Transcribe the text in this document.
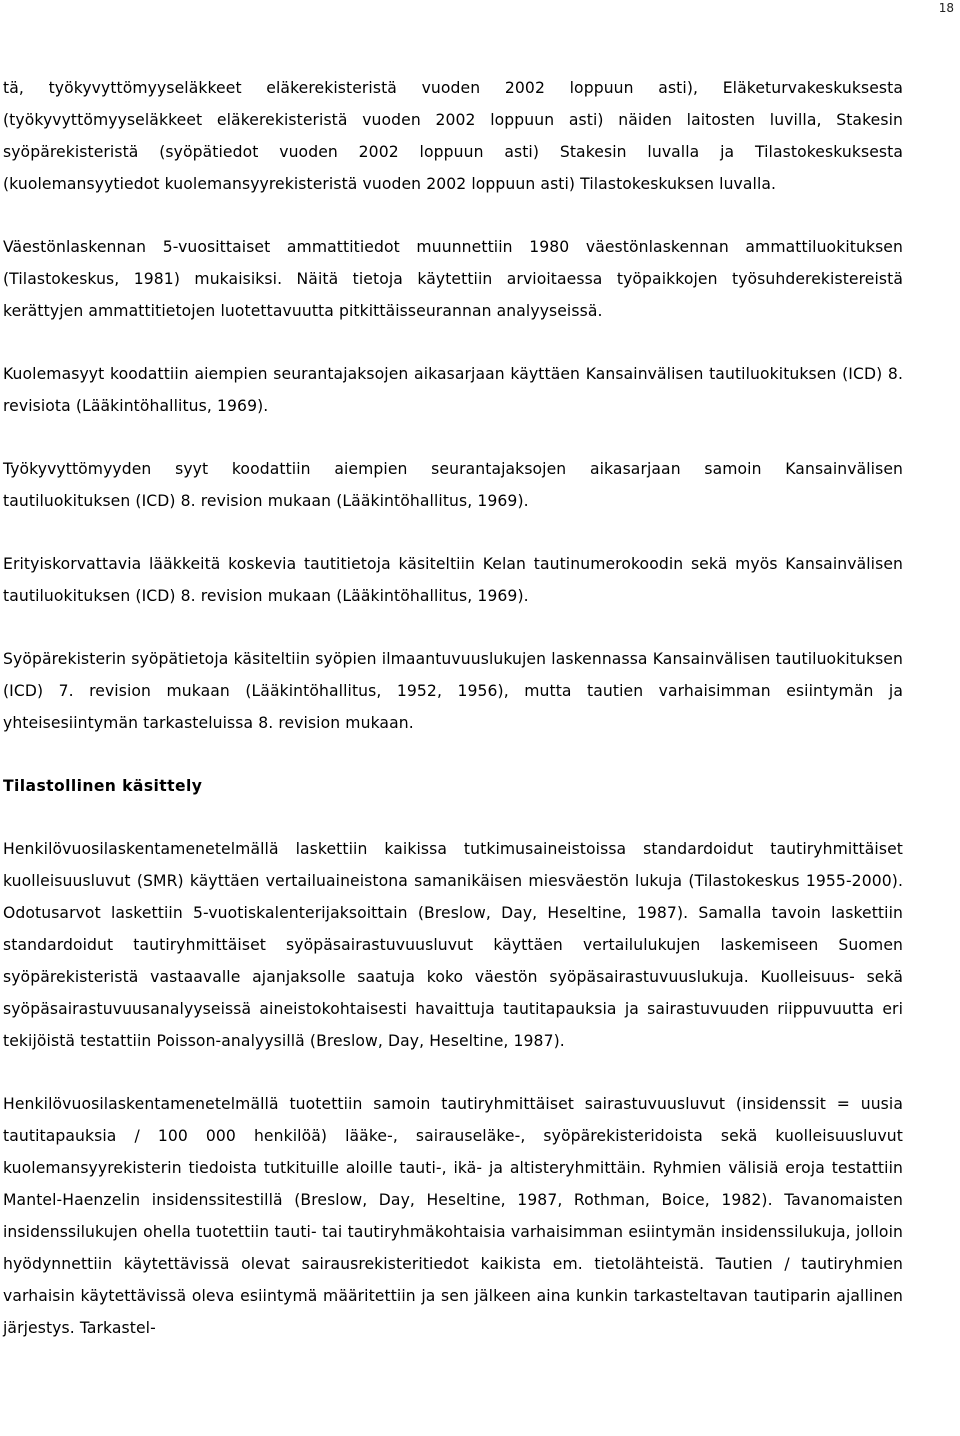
18

tä, työkyvyttömyyseläkkeet eläkerekisteristä vuoden 2002 loppuun asti), Eläketurvakeskuksesta (työkyvyttömyyseläkkeet eläkerekisteristä vuoden 2002 loppuun asti) näiden laitosten luvilla, Stakesin syöpärekisteristä (syöpätiedot vuoden 2002 loppuun asti) Stakesin luvalla ja Tilastokeskuksesta (kuolemansyytiedot kuolemansyyrekisteristä vuoden 2002 loppuun asti) Tilastokeskuksen luvalla.

Väestönlaskennan 5-vuosittaiset ammattitiedot muunnettiin 1980 väestönlaskennan ammattiluokituksen (Tilastokeskus, 1981) mukaisiksi. Näitä tietoja käytettiin arvioitaessa työpaikkojen työsuhderekistereistä kerättyjen ammattitietojen luotettavuutta pitkittäisseurannan analyyseissä.

Kuolemasyyt koodattiin aiempien seurantajaksojen aikasarjaan käyttäen Kansainvälisen tautiluokituksen (ICD) 8. revisiota (Lääkintöhallitus, 1969).

Työkyvyttömyyden syyt koodattiin aiempien seurantajaksojen aikasarjaan samoin Kansainvälisen tautiluokituksen (ICD) 8. revision mukaan (Lääkintöhallitus, 1969).

Erityiskorvattavia lääkkeitä koskevia tautitietoja käsiteltiin Kelan tautinumerokoodin sekä myös Kansainvälisen tautiluokituksen (ICD) 8. revision mukaan (Lääkintöhallitus, 1969).

Syöpärekisterin syöpätietoja käsiteltiin syöpien ilmaantuvuuslukujen laskennassa Kansainvälisen tautiluokituksen (ICD) 7. revision mukaan (Lääkintöhallitus, 1952, 1956), mutta tautien varhaisimman esiintymän ja yhteisesiintymän tarkasteluissa 8. revision mukaan.

Tilastollinen käsittely

Henkilövuosilaskentamenetelmällä laskettiin kaikissa tutkimusaineistoissa standardoidut tautiryhmittäiset kuolleisuusluvut (SMR) käyttäen vertailuaineistona samanikäisen miesväestön lukuja (Tilastokeskus 1955-2000). Odotusarvot laskettiin 5-vuotiskalenterijaksoittain (Breslow, Day, Heseltine, 1987). Samalla tavoin laskettiin standardoidut tautiryhmittäiset syöpäsairastuvuusluvut käyttäen vertailulukujen laskemiseen Suomen syöpärekisteristä vastaavalle ajanjaksolle saatuja koko väestön syöpäsairastuvuuslukuja. Kuolleisuus- sekä syöpäsairastuvuusanalyyseissä aineistokohtaisesti havaittuja tautitapauksia ja sairastuvuuden riippuvuutta eri tekijöistä testattiin Poisson-analyysillä (Breslow, Day, Heseltine, 1987).

Henkilövuosilaskentamenetelmällä tuotettiin samoin tautiryhmittäiset sairastuvuusluvut (insidenssit = uusia tautitapauksia / 100 000 henkilöä) lääke-, sairauseläke-, syöpärekisteridoista sekä kuolleisuusluvut kuolemansyyrekisterin tiedoista tutkituille aloille tauti-, ikä- ja altisteryhmittäin. Ryhmien välisiä eroja testattiin Mantel-Haenzelin insidenssitestillä (Breslow, Day, Heseltine, 1987, Rothman, Boice, 1982). Tavanomaisten insidenssilukujen ohella tuotettiin tauti- tai tautiryhmäkohtaisia varhaisimman esiintymän insidenssilukuja, jolloin hyödynnettiin käytettävissä olevat sairausrekisteritiedot kaikista em. tietolähteistä. Tautien / tautiryhmien varhaisin käytettävissä oleva esiintymä määritettiin ja sen jälkeen aina kunkin tarkasteltavan tautiparin ajallinen järjestys. Tarkastel-
